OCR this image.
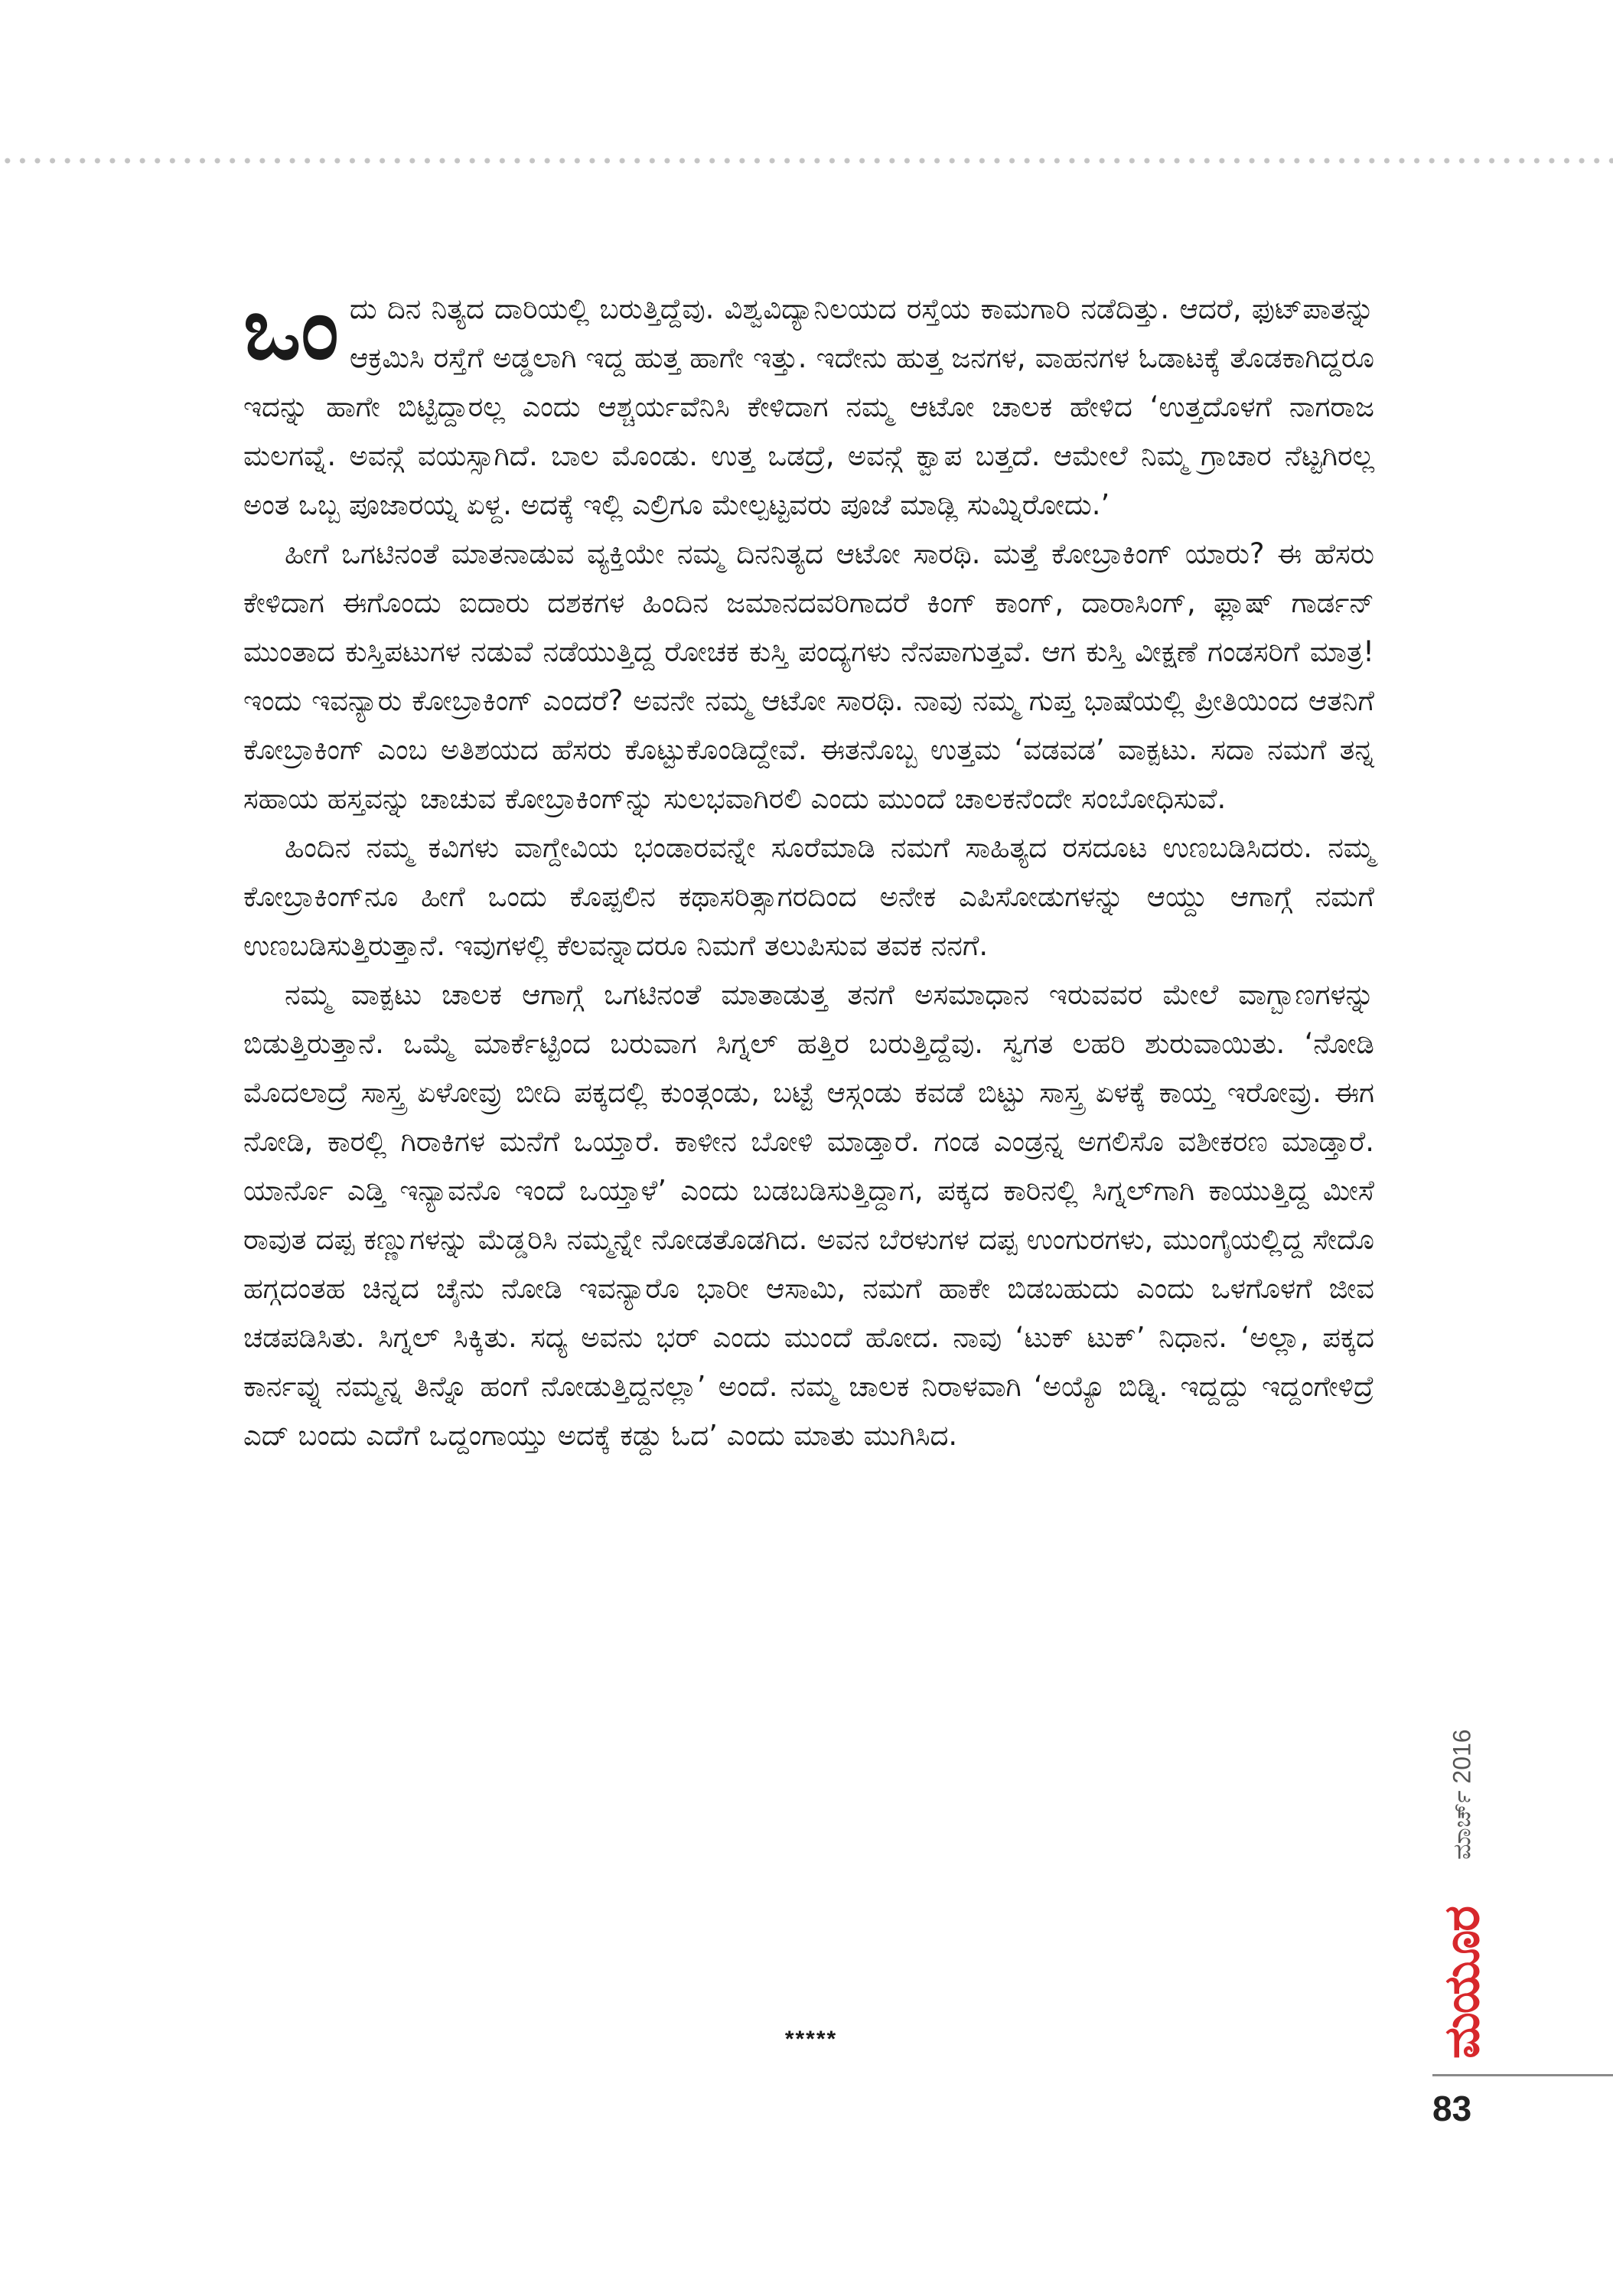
ಒಂದು ದಿನ ನಿತ್ಯದ ದಾರಿಯಲ್ಲಿ ಬರುತ್ತಿದ್ದೆವು. ವಿಶ್ವವಿದ್ಯಾನಿಲಯದ ರಸ್ತೆಯ ಕಾಮಗಾರಿ ನಡೆದಿತ್ತು. ಆದರೆ, ಫುಟ್‌ಪಾತನ್ನು ಆಕ್ರಮಿಸಿ ರಸ್ತೆಗೆ ಅಡ್ಡಲಾಗಿ ಇದ್ದ ಹುತ್ತ ಹಾಗೇ ಇತ್ತು. ಇದೇನು ಹುತ್ತ ಜನಗಳ, ವಾಹನಗಳ ಓಡಾಟಕ್ಕೆ ತೊಡಕಾಗಿದ್ದರೂ ಇದನ್ನು ಹಾಗೇ ಬಿಟ್ಟಿದ್ದಾರಲ್ಲ ಎಂದು ಆಶ್ಚರ್ಯವೆನಿಸಿ ಕೇಳಿದಾಗ ನಮ್ಮ ಆಟೋ ಚಾಲಕ ಹೇಳಿದ ‘ಉತ್ತದೊಳಗೆ ನಾಗರಾಜ ಮಲಗವ್ನೆ. ಅವನ್ಗೆ ವಯಸ್ಸಾಗಿದೆ. ಬಾಲ ಮೊಂಡು. ಉತ್ತ ಒಡದ್ರೆ, ಅವನ್ಗೆ ಕ್ವಾಪ ಬತ್ತದೆ. ಆಮೇಲೆ ನಿಮ್ಮ ಗ್ರಾಚಾರ ನೆಟ್ಟಗಿರಲ್ಲ ಅಂತ ಒಬ್ಬ ಪೂಜಾರಯ್ನ ಏಳ್ದ. ಅದಕ್ಕೆ ಇಲ್ಲಿ ಎಲ್ರಿಗೂ ಮೇಲ್ಪಟ್ಟವರು ಪೂಜೆ ಮಾಡ್ಲಿ ಸುಮ್ನಿರೋದು.’

ಹೀಗೆ ಒಗಟಿನಂತೆ ಮಾತನಾಡುವ ವ್ಯಕ್ತಿಯೇ ನಮ್ಮ ದಿನನಿತ್ಯದ ಆಟೋ ಸಾರಥಿ. ಮತ್ತೆ ಕೋಬ್ರಾಕಿಂಗ್ ಯಾರು? ಈ ಹೆಸರು ಕೇಳಿದಾಗ ಈಗೊಂದು ಐದಾರು ದಶಕಗಳ ಹಿಂದಿನ ಜಮಾನದವರಿಗಾದರೆ ಕಿಂಗ್ ಕಾಂಗ್, ದಾರಾಸಿಂಗ್, ಫ್ಲಾಷ್ ಗಾರ್ಡನ್ ಮುಂತಾದ ಕುಸ್ತಿಪಟುಗಳ ನಡುವೆ ನಡೆಯುತ್ತಿದ್ದ ರೋಚಕ ಕುಸ್ತಿ ಪಂದ್ಯಗಳು ನೆನಪಾಗುತ್ತವೆ. ಆಗ ಕುಸ್ತಿ ವೀಕ್ಷಣೆ ಗಂಡಸರಿಗೆ ಮಾತ್ರ! ಇಂದು ಇವನ್ಯಾರು ಕೋಬ್ರಾಕಿಂಗ್ ಎಂದರೆ? ಅವನೇ ನಮ್ಮ ಆಟೋ ಸಾರಥಿ. ನಾವು ನಮ್ಮ ಗುಪ್ತ ಭಾಷೆಯಲ್ಲಿ ಪ್ರೀತಿಯಿಂದ ಆತನಿಗೆ ಕೋಬ್ರಾಕಿಂಗ್ ಎಂಬ ಅತಿಶಯದ ಹೆಸರು ಕೊಟ್ಟುಕೊಂಡಿದ್ದೇವೆ. ಈತನೊಬ್ಬ ಉತ್ತಮ ‘ವಡವಡ’ ವಾಕ್ಪಟು. ಸದಾ ನಮಗೆ ತನ್ನ ಸಹಾಯ ಹಸ್ತವನ್ನು ಚಾಚುವ ಕೋಬ್ರಾಕಿಂಗ್‌ನ್ನು ಸುಲಭವಾಗಿರಲಿ ಎಂದು ಮುಂದೆ ಚಾಲಕನೆಂದೇ ಸಂಬೋಧಿಸುವೆ.

ಹಿಂದಿನ ನಮ್ಮ ಕವಿಗಳು ವಾಗ್ದೇವಿಯ ಭಂಡಾರವನ್ನೇ ಸೂರೆಮಾಡಿ ನಮಗೆ ಸಾಹಿತ್ಯದ ರಸದೂಟ ಉಣಬಡಿಸಿದರು. ನಮ್ಮ ಕೋಬ್ರಾಕಿಂಗ್‌ನೂ ಹೀಗೆ ಒಂದು ಕೊಪ್ಪಲಿನ ಕಥಾಸರಿತ್ಸಾಗರದಿಂದ ಅನೇಕ ಎಪಿಸೋಡುಗಳನ್ನು ಆಯ್ದು ಆಗಾಗ್ಗೆ ನಮಗೆ ಉಣಬಡಿಸುತ್ತಿರುತ್ತಾನೆ. ಇವುಗಳಲ್ಲಿ ಕೆಲವನ್ನಾದರೂ ನಿಮಗೆ ತಲುಪಿಸುವ ತವಕ ನನಗೆ.

ನಮ್ಮ ವಾಕ್ಪಟು ಚಾಲಕ ಆಗಾಗ್ಗೆ ಒಗಟಿನಂತೆ ಮಾತಾಡುತ್ತ ತನಗೆ ಅಸಮಾಧಾನ ಇರುವವರ ಮೇಲೆ ವಾಗ್ಬಾಣಗಳನ್ನು ಬಿಡುತ್ತಿರುತ್ತಾನೆ. ಒಮ್ಮೆ ಮಾರ್ಕೆಟ್ಟಿಂದ ಬರುವಾಗ ಸಿಗ್ನಲ್ ಹತ್ತಿರ ಬರುತ್ತಿದ್ದೆವು. ಸ್ವಗತ ಲಹರಿ ಶುರುವಾಯಿತು. ‘ನೋಡಿ ಮೊದಲಾದ್ರೆ ಸಾಸ್ತ್ರ ಏಳೋವ್ರು ಬೀದಿ ಪಕ್ಕದಲ್ಲಿ ಕುಂತ್ಗಂಡು, ಬಟ್ಟೆ ಆಸ್ಗಂಡು ಕವಡೆ ಬಿಟ್ಟು ಸಾಸ್ತ್ರ ಏಳಕ್ಕೆ ಕಾಯ್ತ ಇರೋವ್ರು. ಈಗ ನೋಡಿ, ಕಾರಲ್ಲಿ ಗಿರಾಕಿಗಳ ಮನೆಗೆ ಒಯ್ತಾರೆ. ಕಾಳೀನ ಬೋಳಿ ಮಾಡ್ತಾರೆ. ಗಂಡ ಎಂಡ್ರನ್ನ ಅಗಲಿಸೊ ವಶೀಕರಣ ಮಾಡ್ತಾರೆ. ಯಾರ್ನೊ ಎಡ್ತಿ ಇನ್ಯಾವನೊ ಇಂದೆ ಒಯ್ತಾಳೆ’ ಎಂದು ಬಡಬಡಿಸುತ್ತಿದ್ದಾಗ, ಪಕ್ಕದ ಕಾರಿನಲ್ಲಿ ಸಿಗ್ನಲ್‌ಗಾಗಿ ಕಾಯುತ್ತಿದ್ದ ಮೀಸೆ ರಾವುತ ದಪ್ಪ ಕಣ್ಣುಗಳನ್ನು ಮೆಡ್ಡರಿಸಿ ನಮ್ಮನ್ನೇ ನೋಡತೊಡಗಿದ. ಅವನ ಬೆರಳುಗಳ ದಪ್ಪ ಉಂಗುರಗಳು, ಮುಂಗೈಯಲ್ಲಿದ್ದ ಸೇದೊ ಹಗ್ಗದಂತಹ ಚಿನ್ನದ ಚೈನು ನೋಡಿ ಇವನ್ಯಾರೊ ಭಾರೀ ಆಸಾಮಿ, ನಮಗೆ ಹಾಕೇ ಬಿಡಬಹುದು ಎಂದು ಒಳಗೊಳಗೆ ಜೀವ ಚಡಪಡಿಸಿತು. ಸಿಗ್ನಲ್ ಸಿಕ್ಕಿತು. ಸದ್ಯ ಅವನು ಭರ್ ಎಂದು ಮುಂದೆ ಹೋದ. ನಾವು ‘ಟುಕ್ ಟುಕ್’ ನಿಧಾನ. ‘ಅಲ್ಲಾ, ಪಕ್ಕದ ಕಾರ್ನವ್ನು ನಮ್ಮನ್ನ ತಿನ್ನೊ ಹಂಗೆ ನೋಡುತ್ತಿದ್ದನಲ್ಲಾ’ ಅಂದೆ. ನಮ್ಮ ಚಾಲಕ ನಿರಾಳವಾಗಿ ‘ಅಯ್ಯೊ ಬಿಡ್ನಿ. ಇದ್ದದ್ದು ಇದ್ದಂಗೇಳಿದ್ರೆ ಎದ್ ಬಂದು ಎದೆಗೆ ಒದ್ದಂಗಾಯ್ತು ಅದಕ್ಕೆ ಕಡ್ದು ಓದ’ ಎಂದು ಮಾತು ಮುಗಿಸಿದ.

*****
ಮಾರ್ಚ್ 2016
ಮಯೂರ
83
